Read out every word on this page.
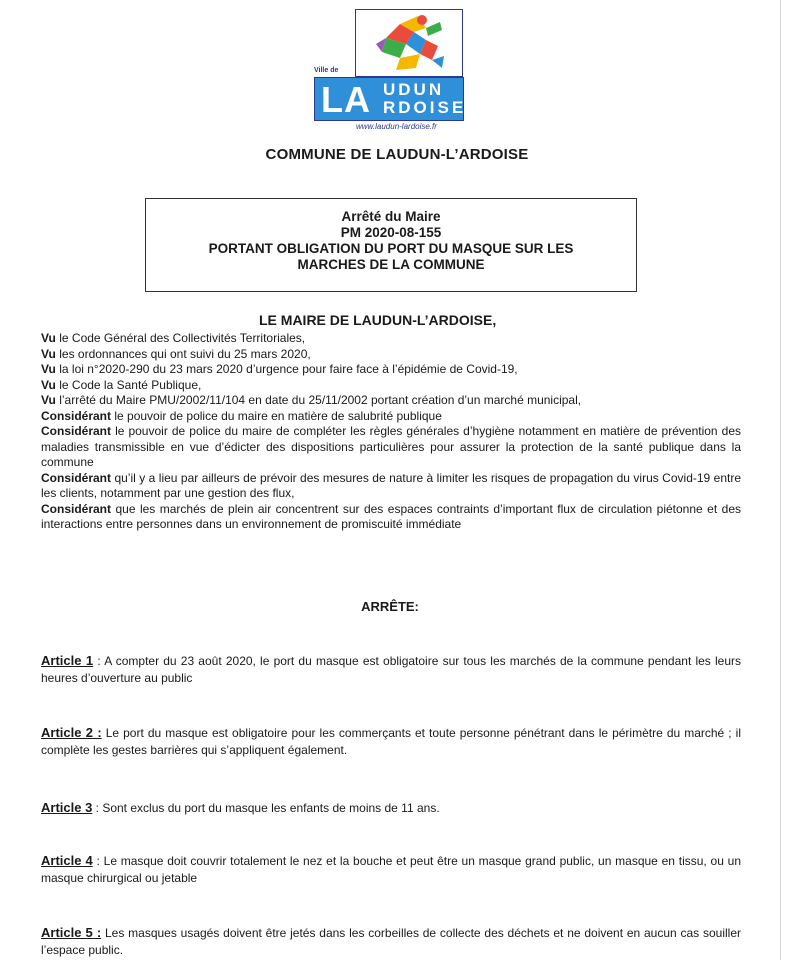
Ville de
LA UDUN
RDOISE
www.laudun-lardoise.fr
COMMUNE DE LAUDUN-L’ARDOISE
Arrêté du Maire
PM 2020-08-155
PORTANT OBLIGATION DU PORT DU MASQUE SUR LES
MARCHES DE LA COMMUNE
LE MAIRE DE LAUDUN-L’ARDOISE,

Vu le Code Général des Collectivités Territoriales,

Vu les ordonnances qui ont suivi du 25 mars 2020,

Vu la loi n°2020-290 du 23 mars 2020 d’urgence pour faire face à l’épidémie de Covid-19,

Vu le Code la Santé Publique,

Vu l’arrêté du Maire PMU/2002/11/104 en date du 25/11/2002 portant création d’un marché municipal,

Considérant le pouvoir de police du maire en matière de salubrité publique

Considérant le pouvoir de police du maire de compléter les règles générales d’hygiène notamment en matière de prévention des maladies transmissible en vue d’édicter des dispositions particulières pour assurer la protection de la santé publique dans la commune

Considérant qu’il y a lieu par ailleurs de prévoir des mesures de nature à limiter les risques de propagation du virus Covid-19 entre les clients, notamment par une gestion des flux,

Considérant que les marchés de plein air concentrent sur des espaces contraints d’important flux de circulation piétonne et des interactions entre personnes dans un environnement de promiscuité immédiate

ARRÊTE:
Article 1 : A compter du 23 août 2020, le port du masque est obligatoire sur tous les marchés de la commune pendant les leurs heures d’ouverture au public
Article 2 : Le port du masque est obligatoire pour les commerçants et toute personne pénétrant dans le périmètre du marché ; il complète les gestes barrières qui s’appliquent également.
Article 3 : Sont exclus du port du masque les enfants de moins de 11 ans.
Article 4 : Le masque doit couvrir totalement le nez et la bouche et peut être un masque grand public, un masque en tissu, ou un masque chirurgical ou jetable
Article 5 : Les masques usagés doivent être jetés dans les corbeilles de collecte des déchets et ne doivent en aucun cas souiller l’espace public.
